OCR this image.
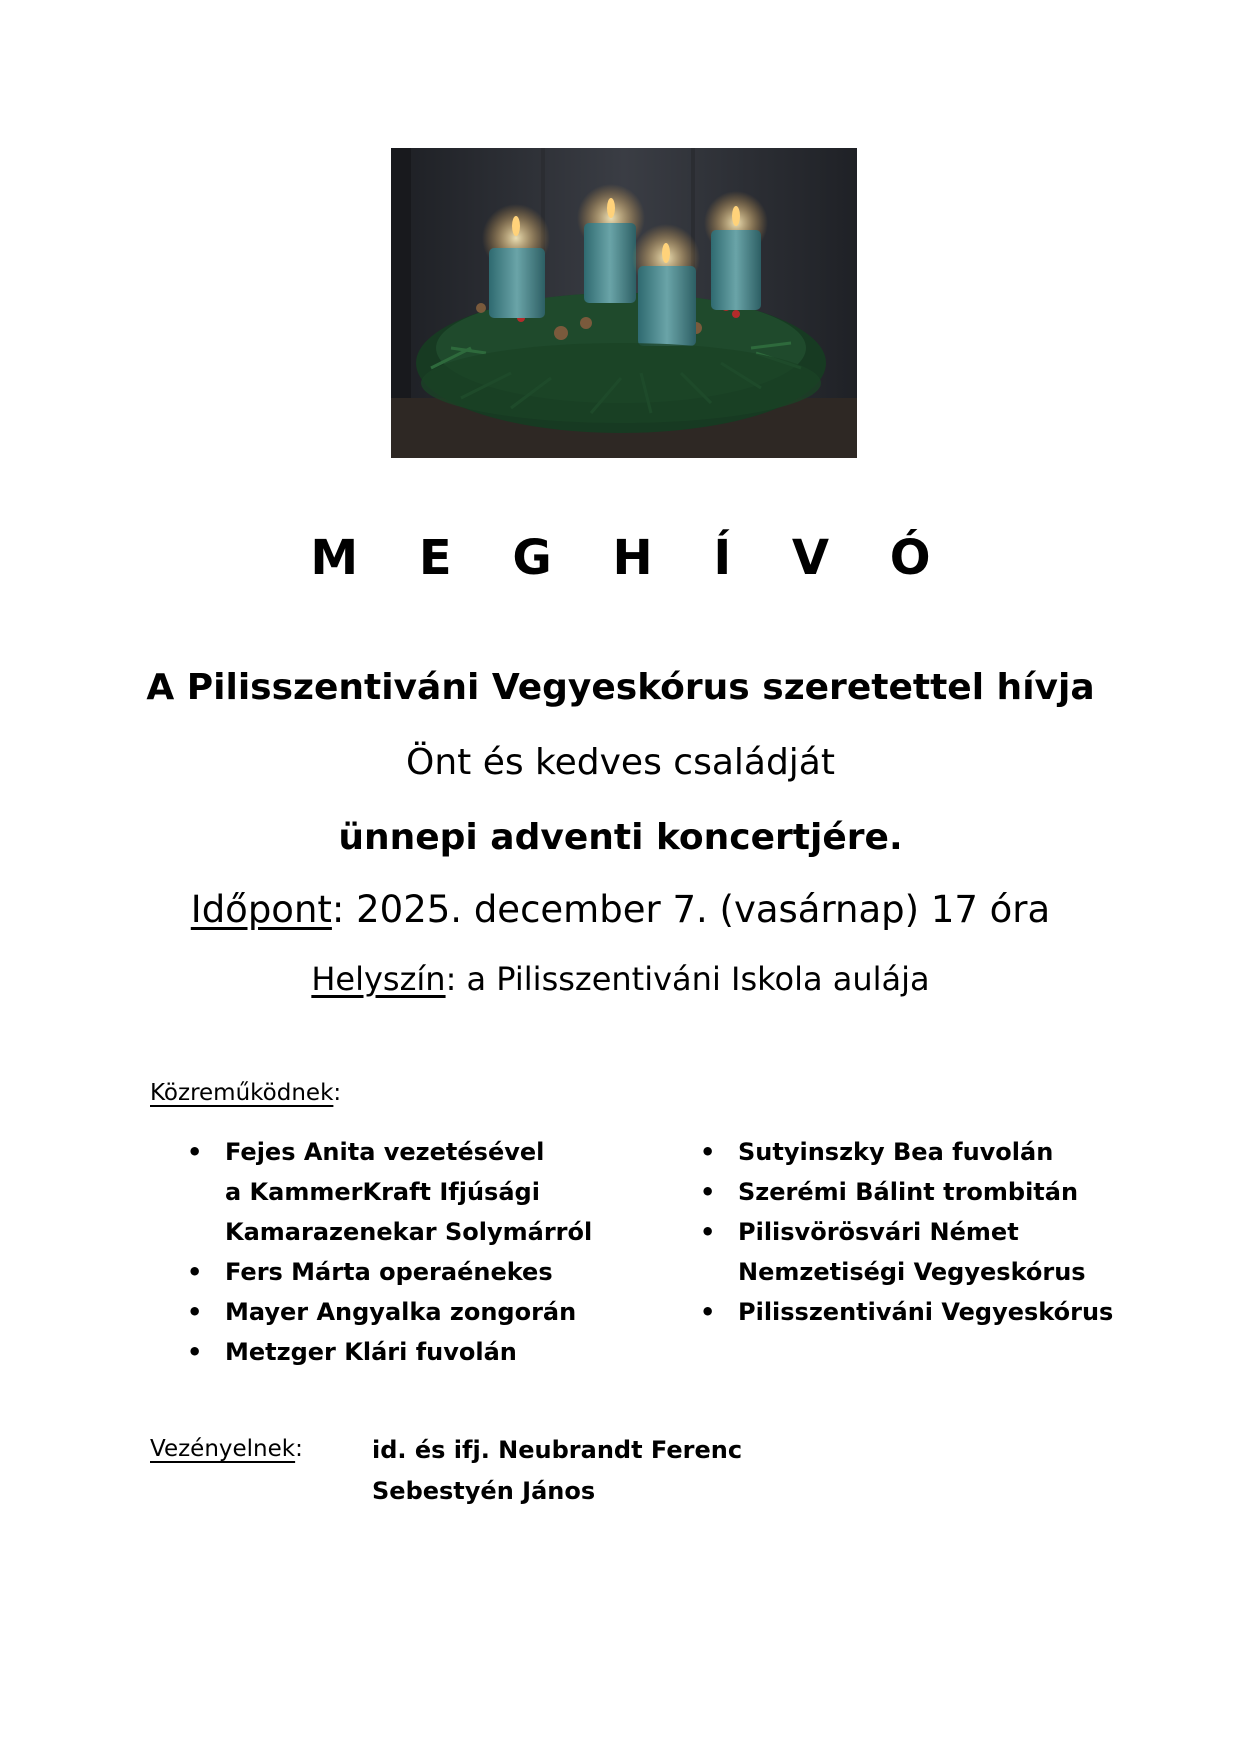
M E G H Í V Ó
A Pilisszentiváni Vegyeskórus szeretettel hívja
Önt és kedves családját
ünnepi adventi koncertjére.
Időpont: 2025. december 7. (vasárnap) 17 óra
Helyszín: a Pilisszentiváni Iskola aulája
Közreműködnek:
• Fejes Anita vezetésével
a KammerKraft Ifjúsági
Kamarazenekar Solymárról
• Fers Márta operaénekes
• Mayer Angyalka zongorán
• Metzger Klári fuvolán
• Sutyinszky Bea fuvolán
• Szerémi Bálint trombitán
• Pilisvörösvári Német
Nemzetiségi Vegyeskórus
• Pilisszentiváni Vegyeskórus
Vezényelnek:	id. és ifj. Neubrandt Ferenc
Sebestyén János
